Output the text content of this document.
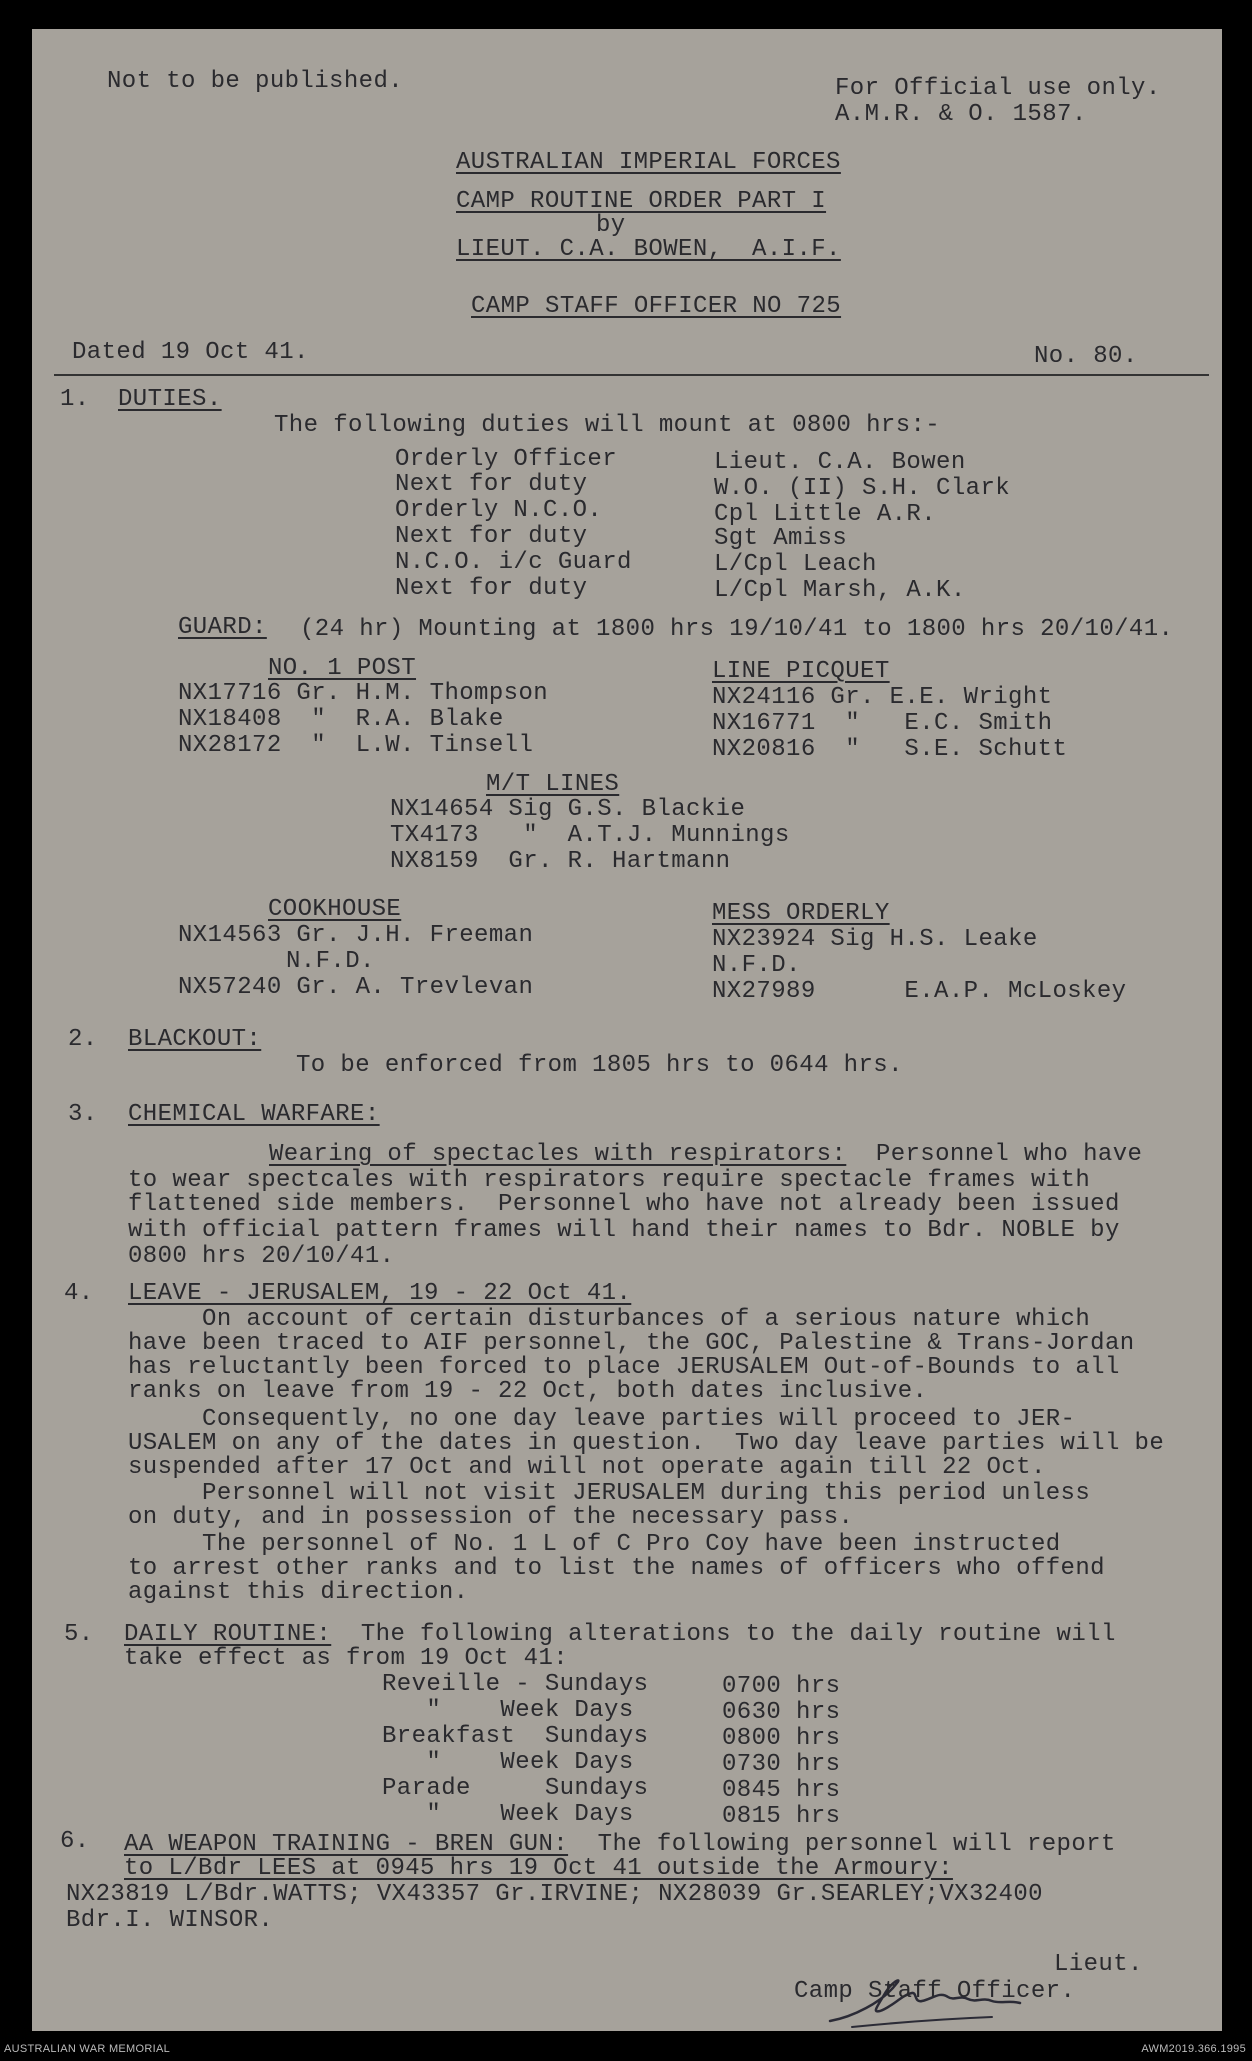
Not to be published.	For Official use only.
A.M.R. & O. 1587.
AUSTRALIAN IMPERIAL FORCES
CAMP ROUTINE ORDER PART I
by
LIEUT. C.A. BOWEN,  A.I.F.
CAMP STAFF OFFICER NO 725
Dated 19 Oct 41.	No. 80.
1. DUTIES.
The following duties will mount at 0800 hrs:-
Orderly Officer	Lieut. C.A. Bowen
Next for duty	W.O. (II) S.H. Clark
Orderly N.C.O.	Cpl Little A.R.
Next for duty	Sgt Amiss
N.C.O. i/c Guard	L/Cpl Leach
Next for duty	L/Cpl Marsh, A.K.
GUARD: (24 hr) Mounting at 1800 hrs 19/10/41 to 1800 hrs 20/10/41.
NO. 1 POST
NX17716 Gr. H.M. Thompson
NX18408  "  R.A. Blake
NX28172  "  L.W. Tinsell
LINE PICQUET
NX24116 Gr. E.E. Wright
NX16771  "   E.C. Smith
NX20816  "   S.E. Schutt
M/T LINES
NX14654 Sig G.S. Blackie
TX4173   "  A.T.J. Munnings
NX8159  Gr. R. Hartmann
COOKHOUSE
NX14563 Gr. J.H. Freeman
N.F.D.
NX57240 Gr. A. Trevlevan
MESS ORDERLY
NX23924 Sig H.S. Leake
N.F.D.
NX27989      E.A.P. McLoskey
2. BLACKOUT:
To be enforced from 1805 hrs to 0644 hrs.
3. CHEMICAL WARFARE:
Wearing of spectacles with respirators:  Personnel who have
to wear spectcales with respirators require spectacle frames with
flattened side members.  Personnel who have not already been issued
with official pattern frames will hand their names to Bdr. NOBLE by
0800 hrs 20/10/41.
4. LEAVE - JERUSALEM, 19 - 22 Oct 41.
On account of certain disturbances of a serious nature which
have been traced to AIF personnel, the GOC, Palestine & Trans-Jordan
has reluctantly been forced to place JERUSALEM Out-of-Bounds to all
ranks on leave from 19 - 22 Oct, both dates inclusive.
Consequently, no one day leave parties will proceed to JER-
USALEM on any of the dates in question.  Two day leave parties will be
suspended after 17 Oct and will not operate again till 22 Oct.
Personnel will not visit JERUSALEM during this period unless
on duty, and in possession of the necessary pass.
The personnel of No. 1 L of C Pro Coy have been instructed
to arrest other ranks and to list the names of officers who offend
against this direction.
5. DAILY ROUTINE:  The following alterations to the daily routine will
take effect as from 19 Oct 41:
Reveille - Sundays 0700 hrs
"    Week Days 0630 hrs
Breakfast  Sundays 0800 hrs
"    Week Days 0730 hrs
Parade     Sundays 0845 hrs
"    Week Days 0815 hrs
6. AA WEAPON TRAINING - BREN GUN:  The following personnel will report
to L/Bdr LEES at 0945 hrs 19 Oct 41 outside the Armoury:
NX23819 L/Bdr.WATTS; VX43357 Gr.IRVINE; NX28039 Gr.SEARLEY;VX32400
Bdr.I. WINSOR.
Lieut.
Camp Staff Officer.
AUSTRALIAN WAR MEMORIAL	AWM2019.366.1995
